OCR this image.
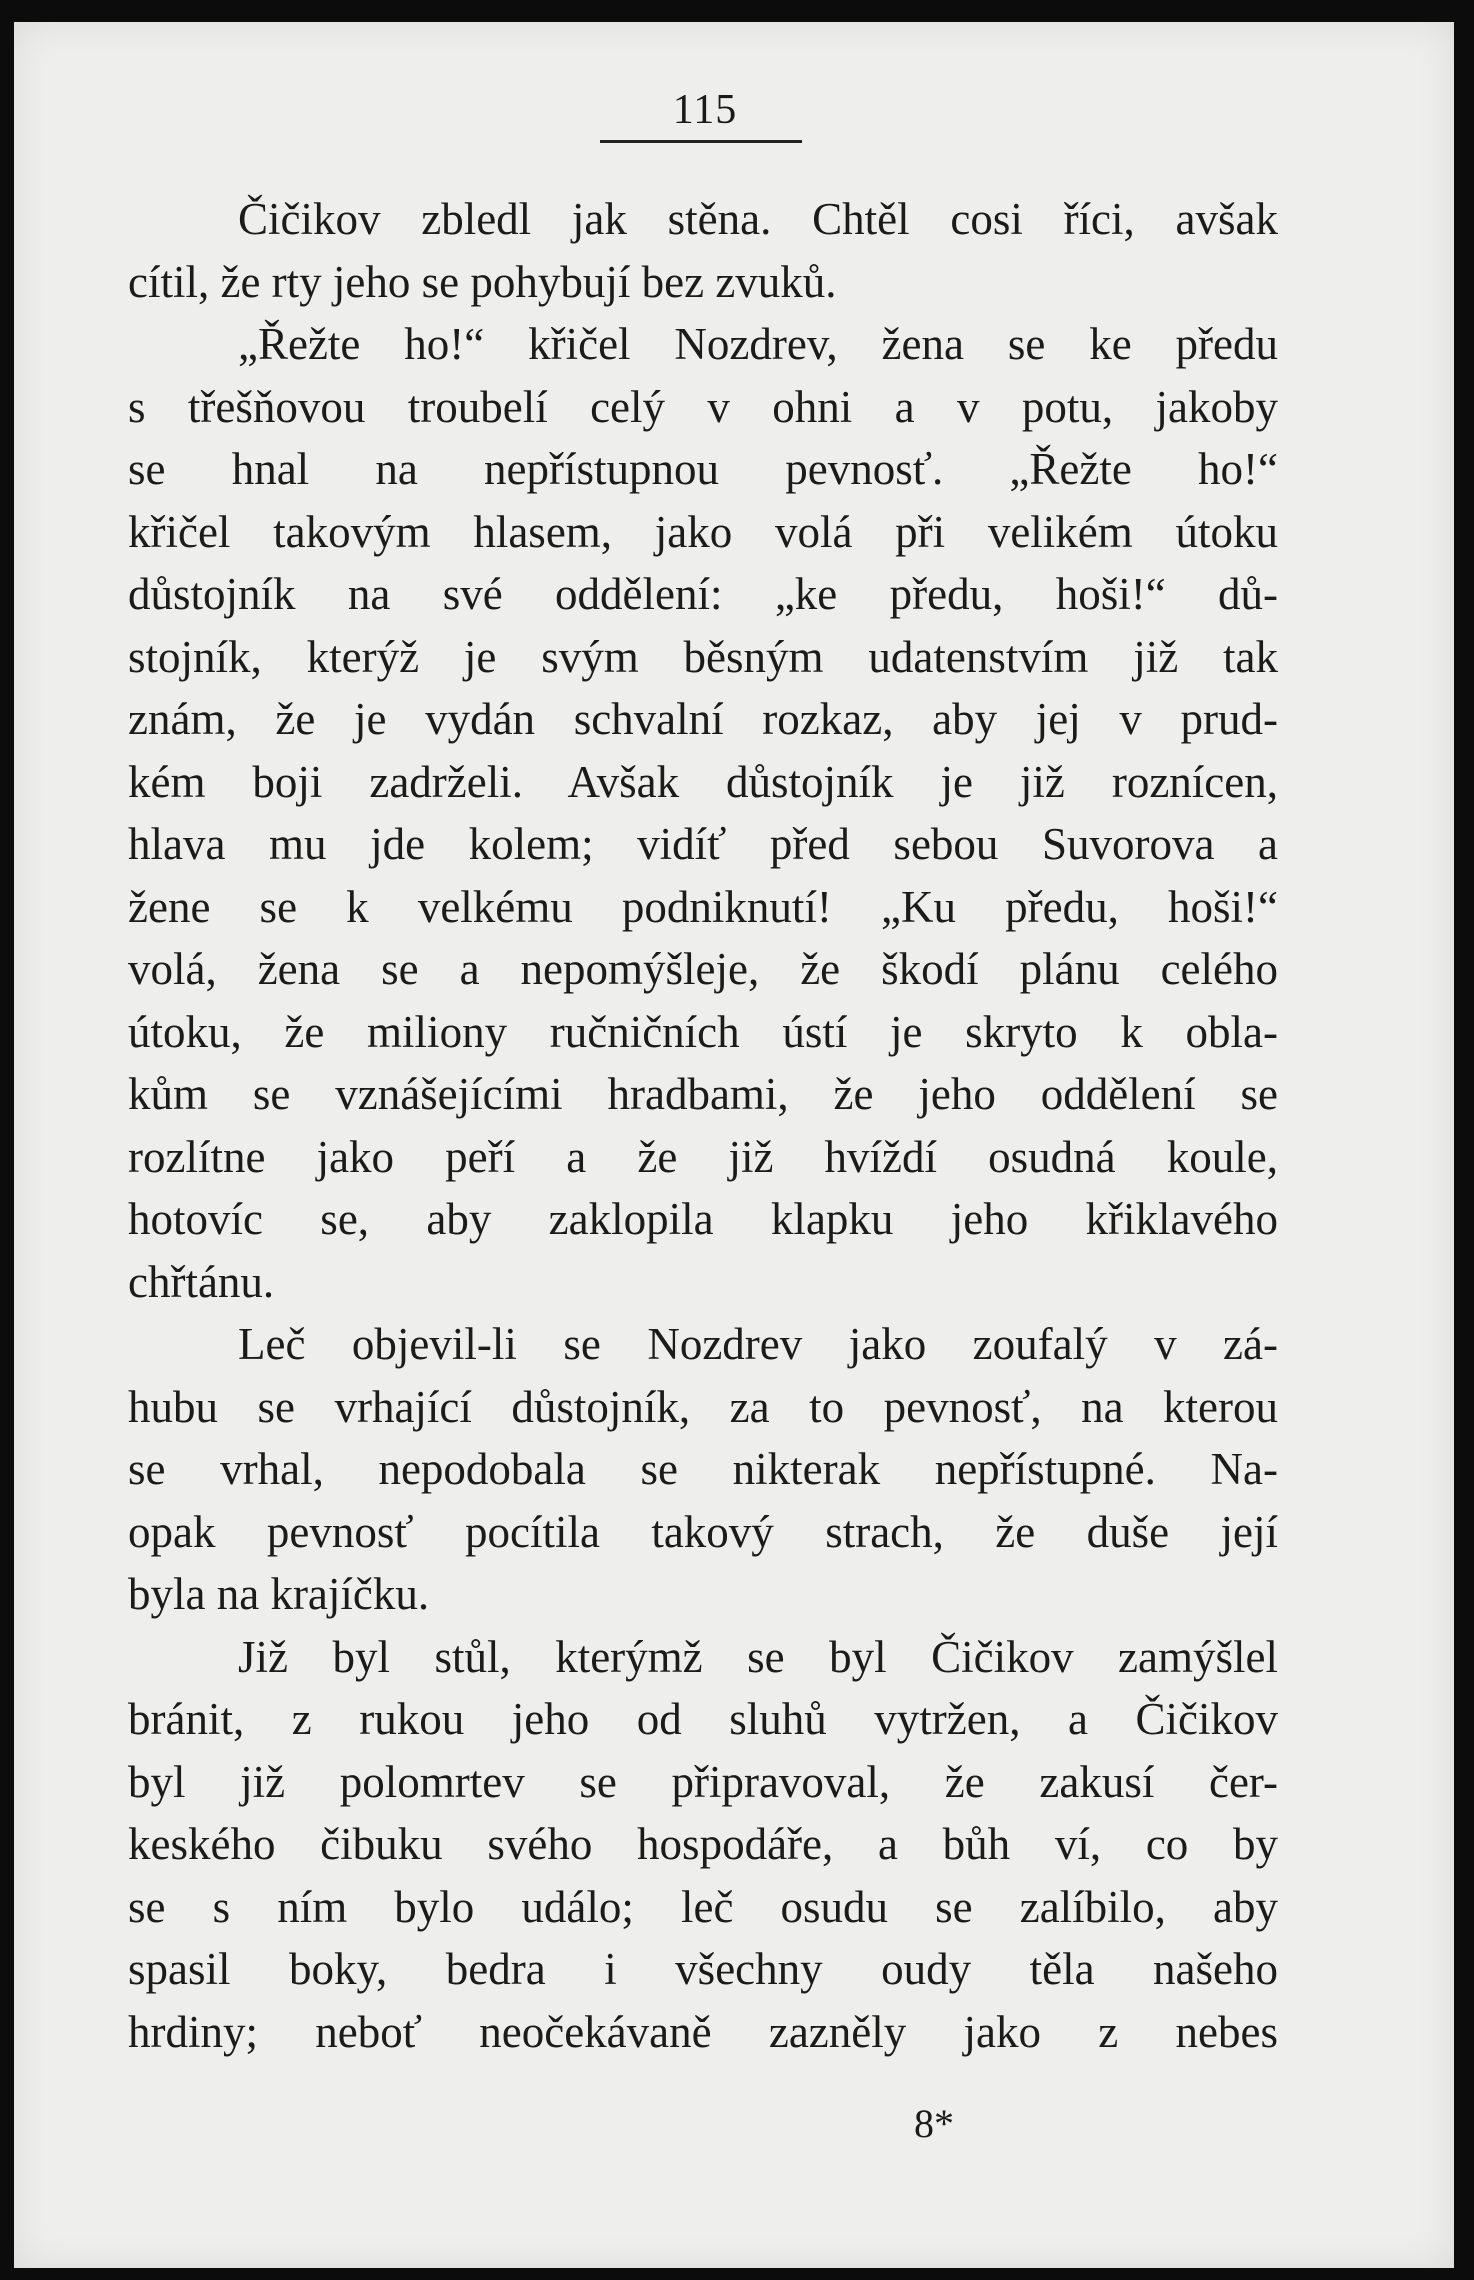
115
Čičikov zbledl jak stěna. Chtěl cosi říci, avšak
cítil, že rty jeho se pohybují bez zvuků.
„Řežte ho!“ křičel Nozdrev, žena se ke předu
s třešňovou troubelí celý v ohni a v potu, jakoby
se hnal na nepřístupnou pevnosť. „Řežte ho!“
křičel takovým hlasem, jako volá při velikém útoku
důstojník na své oddělení: „ke předu, hoši!“ dů-
stojník, kterýž je svým běsným udatenstvím již tak
znám, že je vydán schvalní rozkaz, aby jej v prud-
kém boji zadrželi. Avšak důstojník je již roznícen,
hlava mu jde kolem; vidíť před sebou Suvorova a
žene se k velkému podniknutí! „Ku předu, hoši!“
volá, žena se a nepomýšleje, že škodí plánu celého
útoku, že miliony ručničních ústí je skryto k obla-
kům se vznášejícími hradbami, že jeho oddělení se
rozlítne jako peří a že již hvíždí osudná koule,
hotovíc se, aby zaklopila klapku jeho křiklavého
chřtánu.
Leč objevil-li se Nozdrev jako zoufalý v zá-
hubu se vrhající důstojník, za to pevnosť, na kterou
se vrhal, nepodobala se nikterak nepřístupné. Na-
opak pevnosť pocítila takový strach, že duše její
byla na krajíčku.
Již byl stůl, kterýmž se byl Čičikov zamýšlel
bránit, z rukou jeho od sluhů vytržen, a Čičikov
byl již polomrtev se připravoval, že zakusí čer-
keského čibuku svého hospodáře, a bůh ví, co by
se s ním bylo událo; leč osudu se zalíbilo, aby
spasil boky, bedra i všechny oudy těla našeho
hrdiny; neboť neočekávaně zazněly jako z nebes
8*
